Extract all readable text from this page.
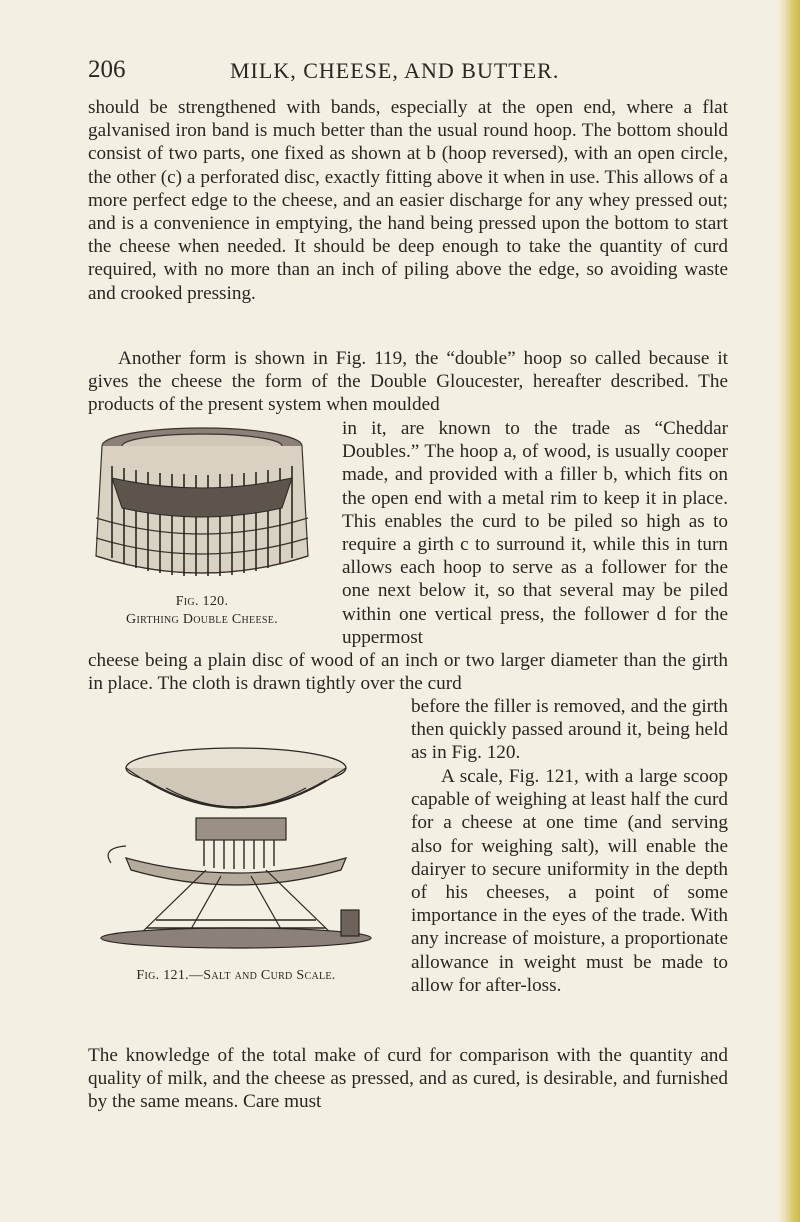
206	MILK, CHEESE, AND BUTTER.

should be strengthened with bands, especially at the open end, where a flat galvanised iron band is much better than the usual round hoop. The bottom should consist of two parts, one fixed as shown at b (hoop reversed), with an open circle, the other (c) a perforated disc, exactly fitting above it when in use. This allows of a more perfect edge to the cheese, and an easier discharge for any whey pressed out; and is a convenience in emptying, the hand being pressed upon the bottom to start the cheese when needed. It should be deep enough to take the quantity of curd required, with no more than an inch of piling above the edge, so avoiding waste and crooked pressing.

Another form is shown in Fig. 119, the “double” hoop so called because it gives the cheese the form of the Double Gloucester, hereafter described. The products of the present system when moulded

Fig. 120.
Girthing Double Cheese.

in it, are known to the trade as “Cheddar Doubles.” The hoop a, of wood, is usually cooper made, and provided with a filler b, which fits on the open end with a metal rim to keep it in place. This enables the curd to be piled so high as to require a girth c to surround it, while this in turn allows each hoop to serve as a follower for the one next below it, so that several may be piled within one vertical press, the follower d for the uppermost

cheese being a plain disc of wood of an inch or two larger diameter than the girth in place. The cloth is drawn tightly over the curd

Fig. 121.—Salt and Curd Scale.

before the filler is removed, and the girth then quickly passed around it, being held as in Fig. 120.

A scale, Fig. 121, with a large scoop capable of weighing at least half the curd for a cheese at one time (and serving also for weighing salt), will enable the dairyer to secure uniformity in the depth of his cheeses, a point of some importance in the eyes of the trade. With any increase of moisture, a proportionate allowance in weight must be made to allow for after-loss.

The knowledge of the total make of curd for comparison with the quantity and quality of milk, and the cheese as pressed, and as cured, is desirable, and furnished by the same means. Care must
